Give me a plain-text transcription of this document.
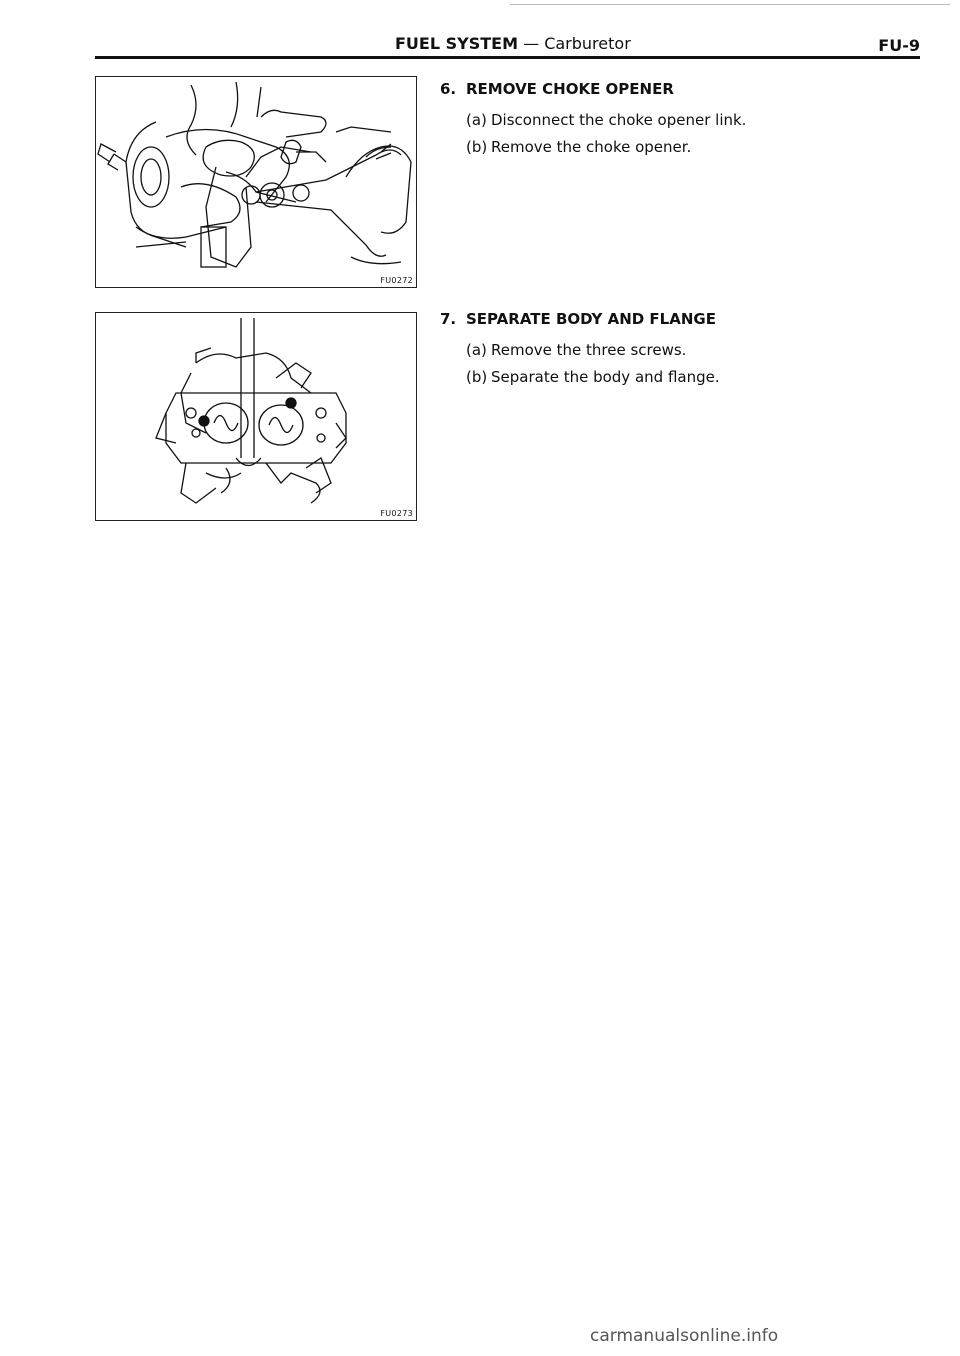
FUEL SYSTEM — Carburetor	FU-9
FU0272
FU0273
6. REMOVE CHOKE OPENER
(a) Disconnect the choke opener link.
(b) Remove the choke opener.
7. SEPARATE BODY AND FLANGE
(a) Remove the three screws.
(b) Separate the body and flange.
carmanualsonline.info
